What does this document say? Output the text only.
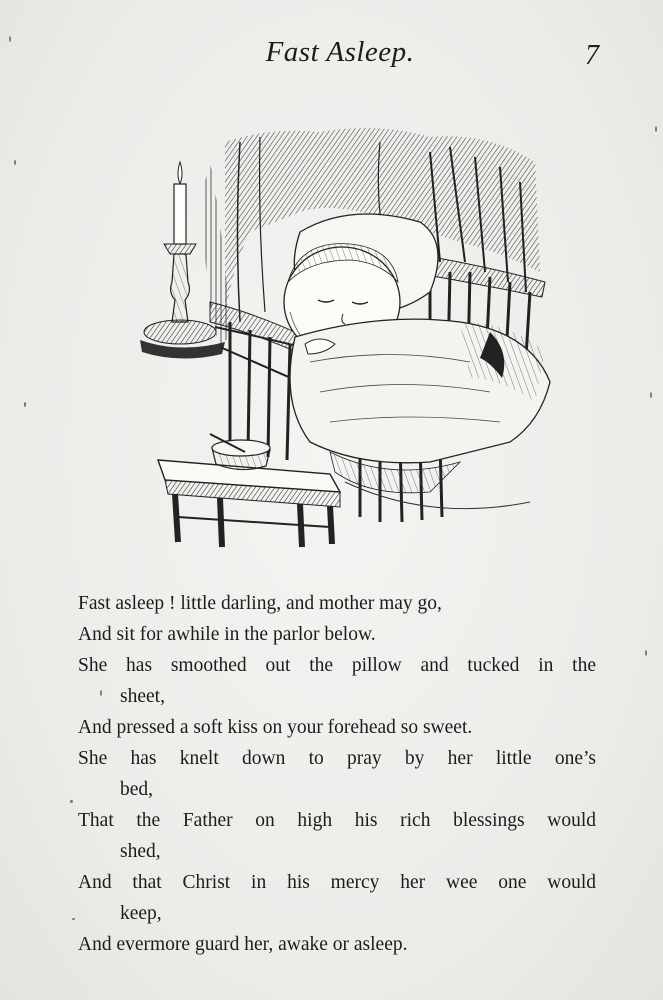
Fast Asleep.	7
Fast asleep ! little darling, and mother may go,
And sit for awhile in the parlor below.
She has smoothed out the pillow and tucked in the
sheet,
And pressed a soft kiss on your forehead so sweet.
She has knelt down to pray by her little one’s
bed,
That the Father on high his rich blessings would
shed,
And that Christ in his mercy her wee one would
keep,
And evermore guard her, awake or asleep.
